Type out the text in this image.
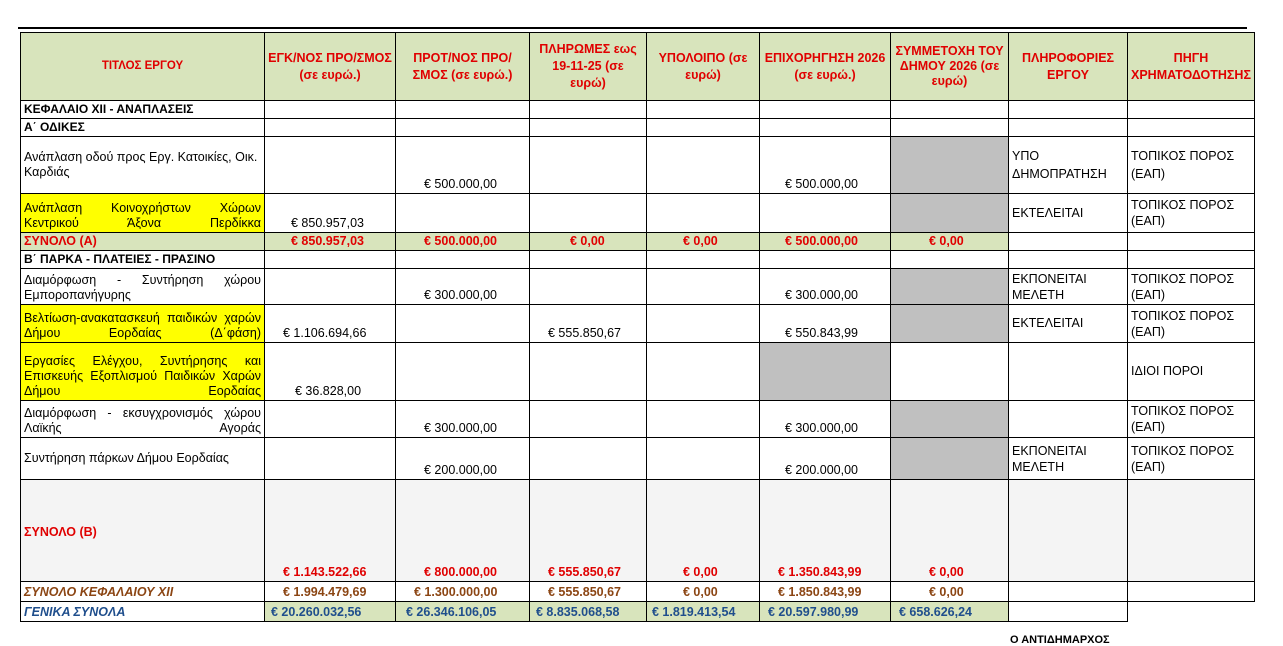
ΤΙΤΛΟΣ ΕΡΓΟΥ	ΕΓΚ/ΝΟΣ ΠΡΟ/ΣΜΟΣ (σε ευρώ.)	ΠΡΟΤ/ΝΟΣ ΠΡΟ/ΣΜΟΣ (σε ευρώ.)	ΠΛΗΡΩΜΕΣ εως 19-11-25 (σε ευρώ)	ΥΠΟΛΟΙΠΟ (σε ευρώ)	ΕΠΙΧΟΡΗΓΗΣΗ 2026 (σε ευρώ.)	ΣΥΜΜΕΤΟΧΗ ΤΟΥ ΔΗΜΟΥ 2026 (σε ευρώ)	ΠΛΗΡΟΦΟΡΙΕΣ ΕΡΓΟΥ	ΠΗΓΗ ΧΡΗΜΑΤΟΔΟΤΗΣΗΣ
ΚΕΦΑΛΑΙΟ ΧΙΙ - ΑΝΑΠΛΑΣΕΙΣ								
Α΄ ΟΔΙΚΕΣ								
Ανάπλαση οδού προς Εργ. Κατοικίες, Οικ. Καρδιάς		€ 500.000,00			€ 500.000,00		ΥΠΟ ΔΗΜΟΠΡΑΤΗΣΗ	ΤΟΠΙΚΟΣ ΠΟΡΟΣ (ΕΑΠ)
Ανάπλαση Κοινοχρήστων Χώρων Κεντρικού Άξονα Περδίκκα	€ 850.957,03						ΕΚΤΕΛΕΙΤΑΙ	ΤΟΠΙΚΟΣ ΠΟΡΟΣ (ΕΑΠ)
ΣΥΝΟΛΟ (Α)	€ 850.957,03	€ 500.000,00	€ 0,00	€ 0,00	€ 500.000,00	€ 0,00		
Β΄ ΠΑΡΚΑ - ΠΛΑΤΕΙΕΣ - ΠΡΑΣΙΝΟ								
Διαμόρφωση - Συντήρηση χώρου Εμποροπανήγυρης		€ 300.000,00			€ 300.000,00		ΕΚΠΟΝΕΙΤΑΙ ΜΕΛΕΤΗ	ΤΟΠΙΚΟΣ ΠΟΡΟΣ (ΕΑΠ)
Βελτίωση-ανακατασκευή παιδικών χαρών Δήμου Εορδαίας (Δ΄φάση)	€ 1.106.694,66		€ 555.850,67		€ 550.843,99		ΕΚΤΕΛΕΙΤΑΙ	ΤΟΠΙΚΟΣ ΠΟΡΟΣ (ΕΑΠ)
Εργασίες Ελέγχου, Συντήρησης και Επισκευής Εξοπλισμού Παιδικών Χαρών Δήμου Εορδαίας	€ 36.828,00							ΙΔΙΟΙ ΠΟΡΟΙ
Διαμόρφωση - εκσυγχρονισμός χώρου Λαϊκής Αγοράς		€ 300.000,00			€ 300.000,00			ΤΟΠΙΚΟΣ ΠΟΡΟΣ (ΕΑΠ)
Συντήρηση πάρκων Δήμου Εορδαίας		€ 200.000,00			€ 200.000,00		ΕΚΠΟΝΕΙΤΑΙ ΜΕΛΕΤΗ	ΤΟΠΙΚΟΣ ΠΟΡΟΣ (ΕΑΠ)
ΣΥΝΟΛΟ (Β)	€ 1.143.522,66	€ 800.000,00	€ 555.850,67	€ 0,00	€ 1.350.843,99	€ 0,00		
ΣΥΝΟΛΟ ΚΕΦΑΛΑΙΟΥ ΧΙΙ	€ 1.994.479,69	€ 1.300.000,00	€ 555.850,67	€ 0,00	€ 1.850.843,99	€ 0,00		
ΓΕΝΙΚΑ ΣΥΝΟΛΑ	€ 20.260.032,56	€ 26.346.106,05	€ 8.835.068,58	€ 1.819.413,54	€ 20.597.980,99	€ 658.626,24		
Ο ΑΝΤΙΔΗΜΑΡΧΟΣ
